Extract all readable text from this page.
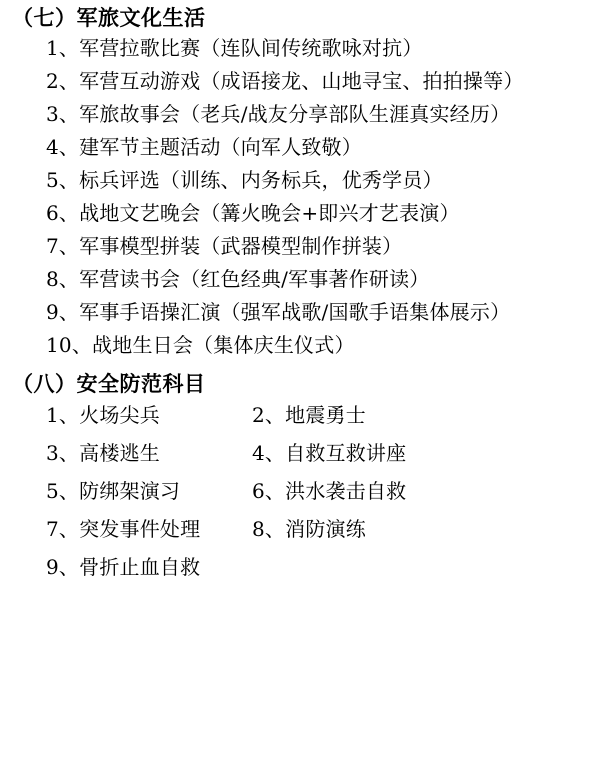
（七）军旅文化生活
1、军营拉歌比赛（连队间传统歌咏对抗）
2、军营互动游戏（成语接龙、山地寻宝、拍拍操等）
3、军旅故事会（老兵/战友分享部队生涯真实经历）
4、建军节主题活动（向军人致敬）
5、标兵评选（训练、内务标兵，优秀学员）
6、战地文艺晚会（篝火晚会+即兴才艺表演）
7、军事模型拼装（武器模型制作拼装）
8、军营读书会（红色经典/军事著作研读）
9、军事手语操汇演（强军战歌/国歌手语集体展示）
10、战地生日会（集体庆生仪式）
（八）安全防范科目
1、火场尖兵	2、地震勇士
3、高楼逃生	4、自救互救讲座
5、防绑架演习	6、洪水袭击自救
7、突发事件处理	8、消防演练
9、骨折止血自救
